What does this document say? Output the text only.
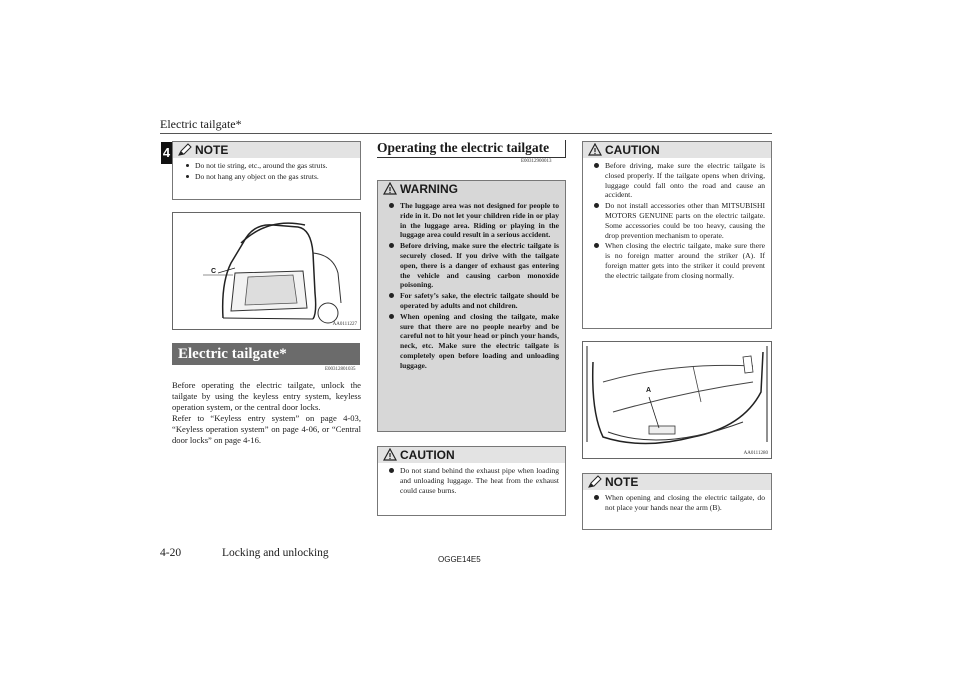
Electric tailgate*
4	NOTE
Do not tie string, etc., around the gas struts.
Do not hang any object on the gas struts.
C
AA0111227
Electric tailgate*
E00312801035
Before operating the electric tailgate, unlock the tailgate by using the keyless entry system, keyless operation system, or the central door locks.
Refer to “Keyless entry system” on page 4-03, “Keyless operation system” on page 4-06, or “Central door locks” on page 4-16.
Operating the electric tailgate
E00312900013
WARNING
The luggage area was not designed for people to ride in it. Do not let your children ride in or play in the luggage area. Riding or playing in the luggage area could result in a serious accident.
Before driving, make sure the electric tailgate is securely closed. If you drive with the tailgate open, there is a danger of exhaust gas entering the vehicle and causing carbon monoxide poisoning.
For safety’s sake, the electric tailgate should be operated by adults and not children.
When opening and closing the tailgate, make sure that there are no people nearby and be careful not to hit your head or pinch your hands, neck, etc. Make sure the electric tailgate is completely open before loading and unloading luggage.
CAUTION
Do not stand behind the exhaust pipe when loading and unloading luggage. The heat from the exhaust could cause burns.
CAUTION
Before driving, make sure the electric tailgate is closed properly. If the tailgate opens when driving, luggage could fall onto the road and cause an accident.
Do not install accessories other than MITSUBISHI MOTORS GENUINE parts on the electric tailgate. Some accessories could be too heavy, causing the drop prevention mechanism to operate.
When closing the electric tailgate, make sure there is no foreign matter around the striker (A). If foreign matter gets into the striker it could prevent the electric tailgate from closing normally.
A
AA0111280
NOTE
When opening and closing the electric tailgate, do not place your hands near the arm (B).
4-20	Locking and unlocking
OGGE14E5
